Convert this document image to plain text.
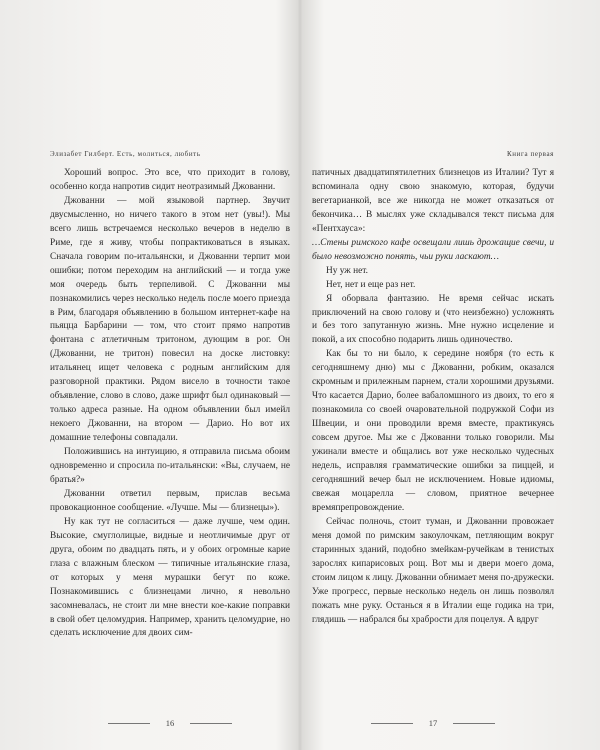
Элизабет Гилберт. Есть, молиться, любить

Хороший вопрос. Это все, что приходит в голову, особенно когда напротив сидит неотразимый Джованни.

Джованни — мой языковой партнер. Звучит двусмысленно, но ничего такого в этом нет (увы!). Мы всего лишь встречаемся несколько вечеров в неделю в Риме, где я живу, чтобы попрактиковаться в языках. Сначала говорим по-итальянски, и Джованни терпит мои ошибки; потом переходим на английский — и тогда уже моя очередь быть терпеливой. С Джованни мы познакомились через несколько недель после моего приезда в Рим, благодаря объявлению в большом интернет-кафе на пьяцца Барбарини — том, что стоит прямо напротив фонтана с атлетичным тритоном, дующим в рог. Он (Джованни, не тритон) повесил на доске листовку: итальянец ищет человека с родным английским для разговорной практики. Рядом висело в точности такое объявление, слово в слово, даже шрифт был одинаковый — только адреса разные. На одном объявлении был имейл некоего Джованни, на втором — Дарио. Но вот их домашние телефоны совпадали.

Положившись на интуицию, я отправила письма обоим одновременно и спросила по-итальянски: «Вы, случаем, не братья?»

Джованни ответил первым, прислав весьма провокационное сообщение. «Лучше. Мы — близнецы»).

Ну как тут не согласиться — даже лучше, чем один. Высокие, смуглолицые, видные и неотличимые друг от друга, обоим по двадцать пять, и у обоих огромные карие глаза с влажным блеском — типичные итальянские глаза, от которых у меня мурашки бегут по коже. Познакомившись с близнецами лично, я невольно засомневалась, не стоит ли мне внести кое-какие поправки в свой обет целомудрия. Например, хранить целомудрие, но сделать исключение для двоих сим-

16
Книга первая

патичных двадцатипятилетних близнецов из Италии? Тут я вспоминала одну свою знакомую, которая, будучи вегетарианкой, все же никогда не может отказаться от бекончика… В мыслях уже складывался текст письма для «Пентхауса»:

…Стены римского кафе освещали лишь дрожащие свечи, и было невозможно понять, чьи руки ласкают…

Ну уж нет.

Нет, нет и еще раз нет.

Я оборвала фантазию. Не время сейчас искать приключений на свою голову и (что неизбежно) усложнять и без того запутанную жизнь. Мне нужно исцеление и покой, а их способно подарить лишь одиночество.

Как бы то ни было, к середине ноября (то есть к сегодняшнему дню) мы с Джованни, робким, оказался скромным и прилежным парнем, стали хорошими друзьями. Что касается Дарио, более вабаломшного из двоих, то его я познакомила со своей очаровательной подружкой Софи из Швеции, и они проводили время вместе, практикуясь совсем другое. Мы же с Джованни только говорили. Мы ужинали вместе и общались вот уже несколько чудесных недель, исправляя грамматические ошибки за пиццей, и сегодняшний вечер был не исключением. Новые идиомы, свежая моцарелла — словом, приятное вечернее времяпрепровождение.

Сейчас полночь, стоит туман, и Джованни провожает меня домой по римским закоулочкам, петляющим вокруг старинных зданий, подобно змейкам-ручейкам в тенистых зарослях кипарисовых рощ. Вот мы и двери моего дома, стоим лицом к лицу. Джованни обнимает меня по-дружески. Уже прогресс, первые несколько недель он лишь позволял пожать мне руку. Останься я в Италии еще годика на три, глядишь — набрался бы храбрости для поцелуя. А вдруг

17
